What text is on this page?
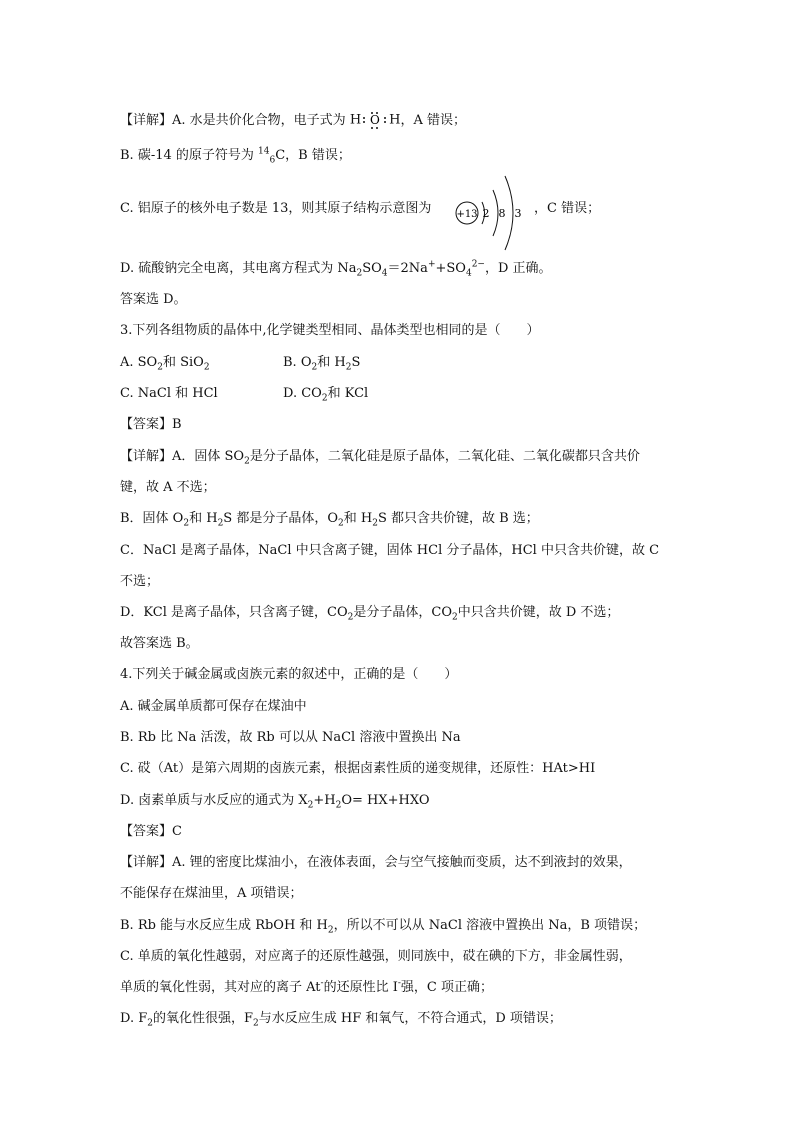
【详解】A. 水是共价化合物，电子式为 H O H，A 错误；
B. 碳-14 的原子符号为 $^{14}_6$C，B 错误；
C. 铝原子的核外电子数是 13，则其原子结构示意图为	+13 2 8 3 ，C 错误；
D. 硫酸钠完全电离，其电离方程式为 $Na_2SO_4=2Na^++SO_4^{2-}$，D 正确。
答案选 D。
3.下列各组物质的晶体中,化学键类型相同、晶体类型也相同的是（　　）
A. $SO_2$和 SiO$_2$	B. $O_2$和 $H_2S$
C. NaCl 和 HCl	D. $CO_2$和 KCl
【答案】B
【详解】A．固体 $SO_2$是分子晶体，二氧化硅是原子晶体，二氧化硅、二氧化碳都只含共价
键，故 A 不选；
B．固体 $O_2$和 $H_2S$ 都是分子晶体，$O_2$和 $H_2S$ 都只含共价键，故 B 选；
C．NaCl 是离子晶体，NaCl 中只含离子键，固体 HCl 分子晶体，HCl 中只含共价键，故 C
不选；
D．KCl 是离子晶体，只含离子键，$CO_2$是分子晶体，$CO_2$中只含共价键，故 D 不选；
故答案选 B。
4.下列关于碱金属或卤族元素的叙述中，正确的是（　　）
A. 碱金属单质都可保存在煤油中
B. Rb 比 Na 活泼，故 Rb 可以从 NaCl 溶液中置换出 Na
C. 砹（At）是第六周期的卤族元素，根据卤素性质的递变规律，还原性：HAt>HI
D. 卤素单质与水反应的通式为 $X_2+H_2O= HX+HXO$
【答案】C
【详解】A. 锂的密度比煤油小，在液体表面，会与空气接触而变质，达不到液封的效果，
不能保存在煤油里，A 项错误；
B. Rb 能与水反应生成 RbOH 和 $H_2$，所以不可以从 NaCl 溶液中置换出 Na，B 项错误；
C. 单质的氧化性越弱，对应离子的还原性越强，则同族中，砹在碘的下方，非金属性弱，
单质的氧化性弱，其对应的离子 At-的还原性比 I-强，C 项正确；
D. $F_2$的氧化性很强，$F_2$与水反应生成 HF 和氧气，不符合通式，D 项错误；
